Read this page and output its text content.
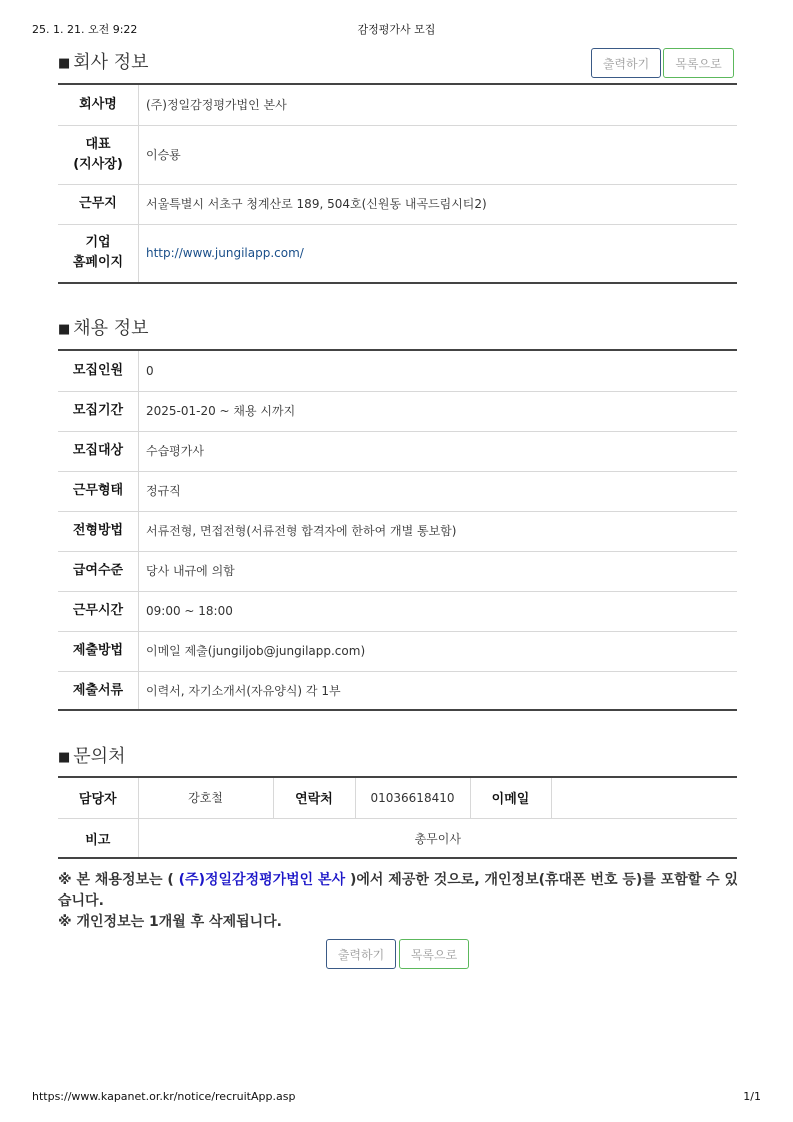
25. 1. 21. 오전 9:22	감정평가사 모집
■ 회사 정보	출력하기	목록으로
회사명	(주)정일감정평가법인 본사
대표
(지사장)	이승룡
근무지	서울특별시 서초구 청계산로 189, 504호(신원동 내곡드림시티2)
기업
홈페이지	http://www.jungilapp.com/
■ 채용 정보
모집인원	0
모집기간	2025-01-20 ~ 채용 시까지
모집대상	수습평가사
근무형태	정규직
전형방법	서류전형, 면접전형(서류전형 합격자에 한하여 개별 통보함)
급여수준	당사 내규에 의함
근무시간	09:00 ~ 18:00
제출방법	이메일 제출(jungiljob@jungilapp.com)
제출서류	이력서, 자기소개서(자유양식) 각 1부
■ 문의처
담당자	강호철	연락처	01036618410	이메일	
비고	총무이사				
※ 본 채용정보는 ( (주)정일감정평가법인 본사 )에서 제공한 것으로, 개인정보(휴대폰 번호 등)를 포함할 수 있습니다.
※ 개인정보는 1개월 후 삭제됩니다.
출력하기	목록으로
https://www.kapanet.or.kr/notice/recruitApp.asp	1/1
